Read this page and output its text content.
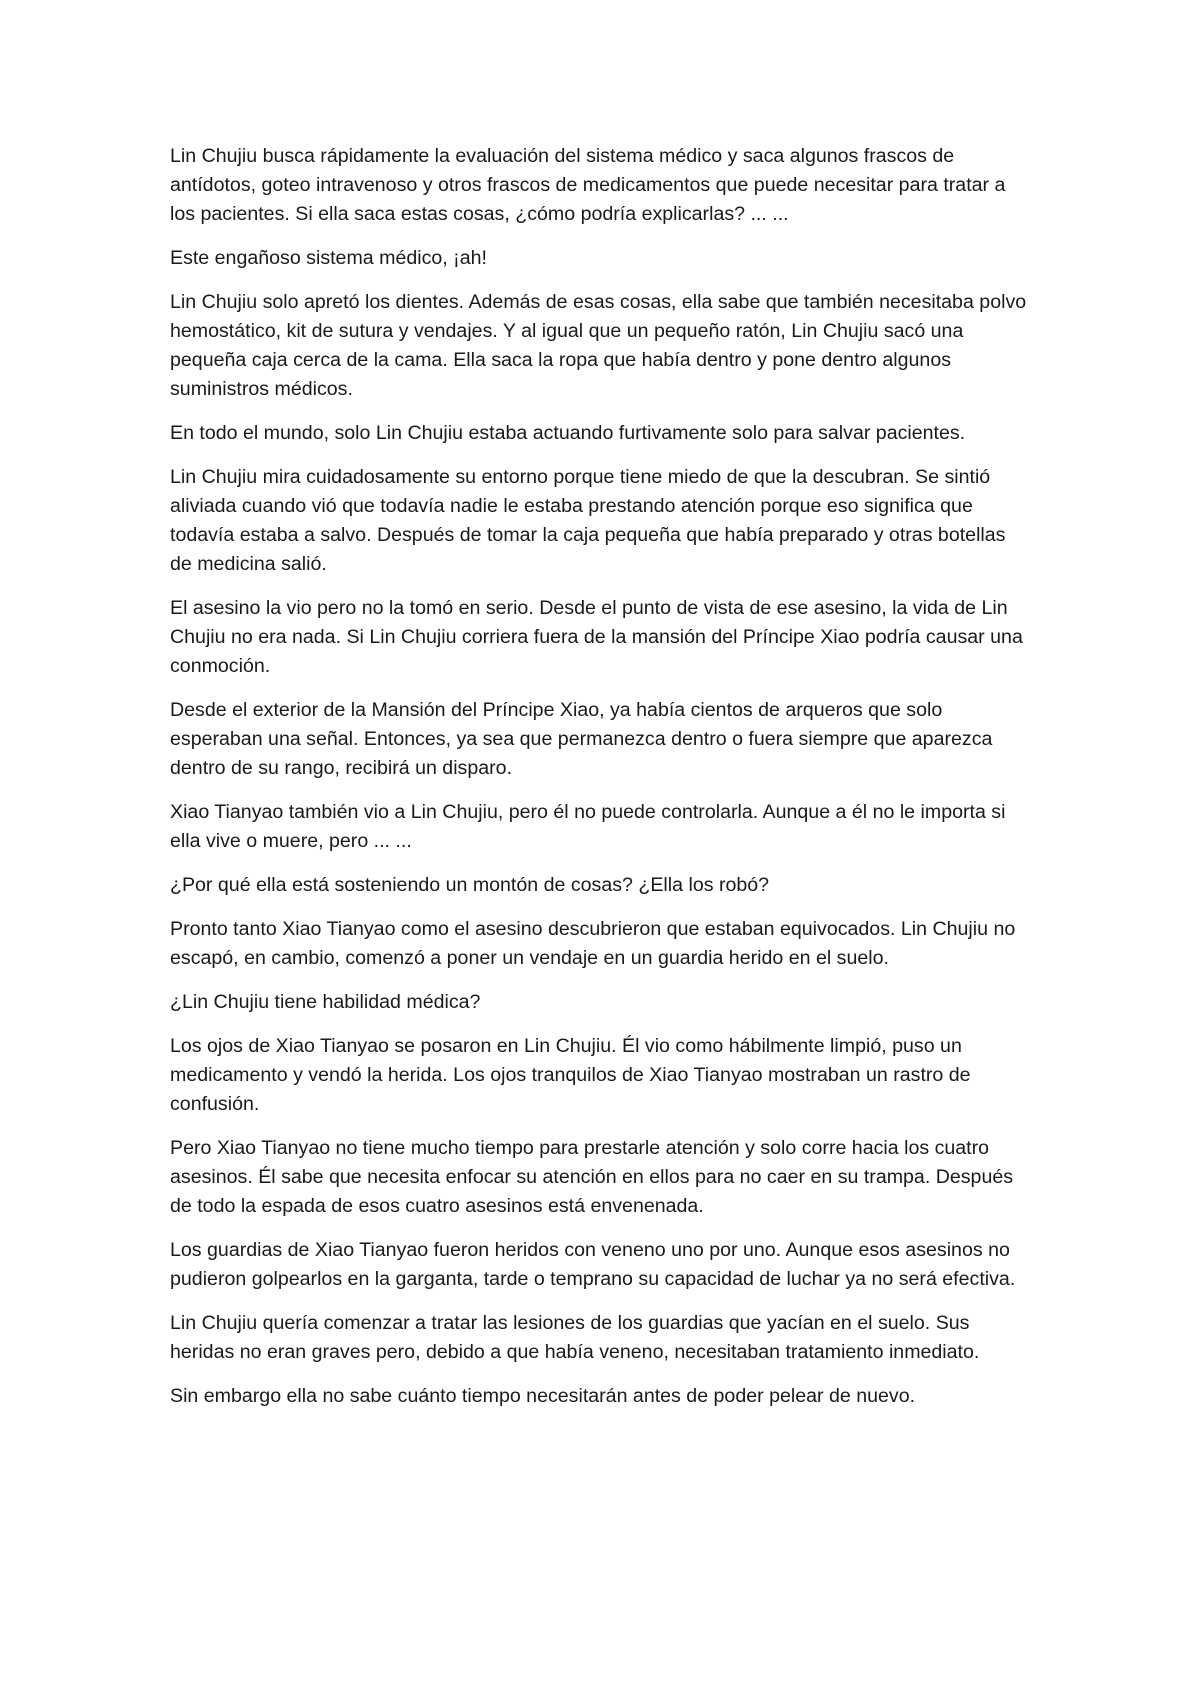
Lin Chujiu busca rápidamente la evaluación del sistema médico y saca algunos frascos de antídotos, goteo intravenoso y otros frascos de medicamentos que puede necesitar para tratar a los pacientes. Si ella saca estas cosas, ¿cómo podría explicarlas? ... ...

Este engañoso sistema médico, ¡ah!

Lin Chujiu solo apretó los dientes. Además de esas cosas, ella sabe que también necesitaba polvo hemostático, kit de sutura y vendajes. Y al igual que un pequeño ratón, Lin Chujiu sacó una pequeña caja cerca de la cama. Ella saca la ropa que había dentro y pone dentro algunos suministros médicos.

En todo el mundo, solo Lin Chujiu estaba actuando furtivamente solo para salvar pacientes.

Lin Chujiu mira cuidadosamente su entorno porque tiene miedo de que la descubran. Se sintió aliviada cuando vió que todavía nadie le estaba prestando atención porque eso significa que todavía estaba a salvo. Después de tomar la caja pequeña que había preparado y otras botellas de medicina salió.

El asesino la vio pero no la tomó en serio. Desde el punto de vista de ese asesino, la vida de Lin Chujiu no era nada. Si Lin Chujiu corriera fuera de la mansión del Príncipe Xiao podría causar una conmoción.

Desde el exterior de la Mansión del Príncipe Xiao, ya había cientos de arqueros que solo esperaban una señal. Entonces, ya sea que permanezca dentro o fuera siempre que aparezca dentro de su rango, recibirá un disparo.

Xiao Tianyao también vio a Lin Chujiu, pero él no puede controlarla. Aunque a él no le importa si ella vive o muere, pero ... ...

¿Por qué ella está sosteniendo un montón de cosas? ¿Ella los robó?

Pronto tanto Xiao Tianyao como el asesino descubrieron que estaban equivocados. Lin Chujiu no escapó, en cambio, comenzó a poner un vendaje en un guardia herido en el suelo.

¿Lin Chujiu tiene habilidad médica?

Los ojos de Xiao Tianyao se posaron en Lin Chujiu. Él vio como hábilmente limpió, puso un medicamento y vendó la herida. Los ojos tranquilos de Xiao Tianyao mostraban un rastro de confusión.

Pero Xiao Tianyao no tiene mucho tiempo para prestarle atención y solo corre hacia los cuatro asesinos. Él sabe que necesita enfocar su atención en ellos para no caer en su trampa. Después de todo la espada de esos cuatro asesinos está envenenada.

Los guardias de Xiao Tianyao fueron heridos con veneno uno por uno. Aunque esos asesinos no pudieron golpearlos en la garganta, tarde o temprano su capacidad de luchar ya no será efectiva.

Lin Chujiu quería comenzar a tratar las lesiones de los guardias que yacían en el suelo. Sus heridas no eran graves pero, debido a que había veneno, necesitaban tratamiento inmediato.

Sin embargo ella no sabe cuánto tiempo necesitarán antes de poder pelear de nuevo.
